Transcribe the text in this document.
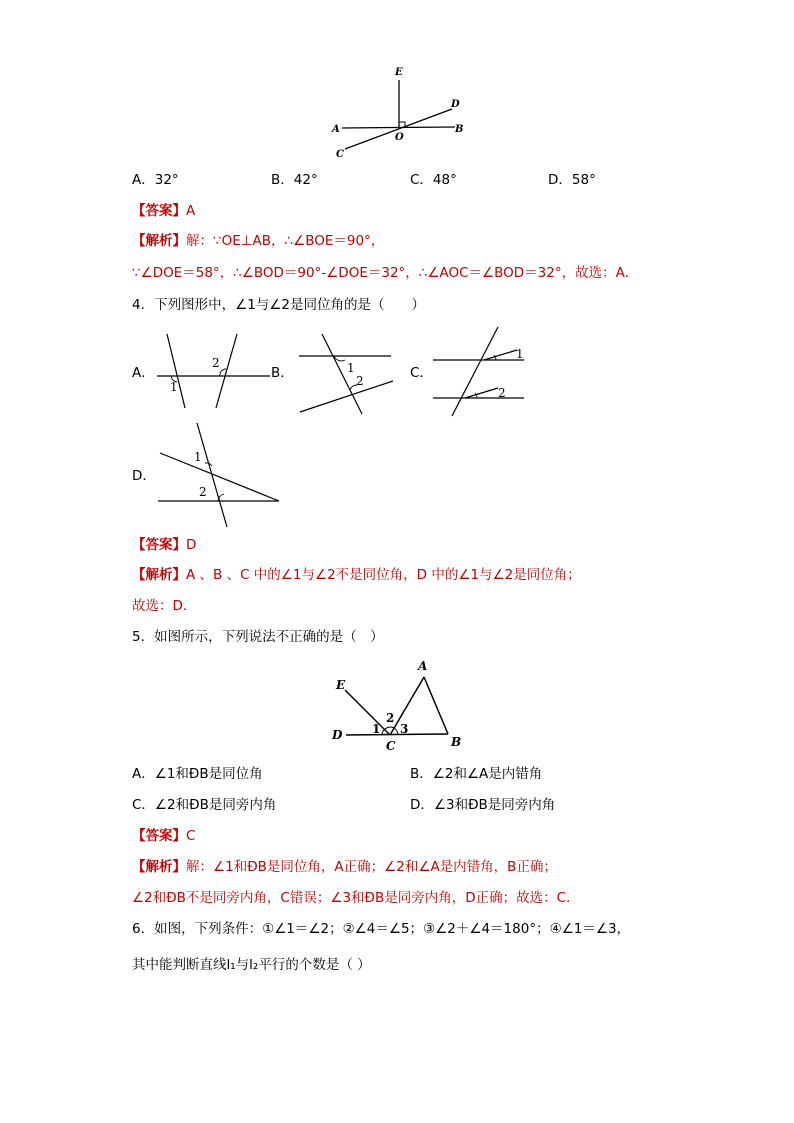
E
D
A
O
B
C
A．32°	B．42°	C．48°	D．58°
【答案】A
【解析】解：∵OE⊥AB，∴∠BOE＝90°，
∵∠DOE＝58°，∴∠BOD＝90°-∠DOE＝32°，∴∠AOC＝∠BOD＝32°，故选：A．
4．下列图形中，∠1与∠2是同位角的是（　　）
A．
1
2
B．	1
2	C．
1
2
D．
1
2
【答案】D
【解析】A 、B 、C 中的∠1与∠2不是同位角，D 中的∠1与∠2是同位角；
故选：D．
5．如图所示，下列说法不正确的是（　）
E
A
D
C	B
1
2
3
A．∠1和ÐB是同位角	B．∠2和∠A是内错角
C．∠2和ÐB是同旁内角	D．∠3和ÐB是同旁内角
【答案】C
【解析】解：∠1和ÐB是同位角，A正确；∠2和∠A是内错角，B正确；
∠2和ÐB不是同旁内角，C错误；∠3和ÐB是同旁内角，D正确；故选：C．
6．如图，下列条件：①∠1＝∠2；②∠4＝∠5；③∠2＋∠4＝180°；④∠1＝∠3，
其中能判断直线l₁与l₂平行的个数是（ ）
